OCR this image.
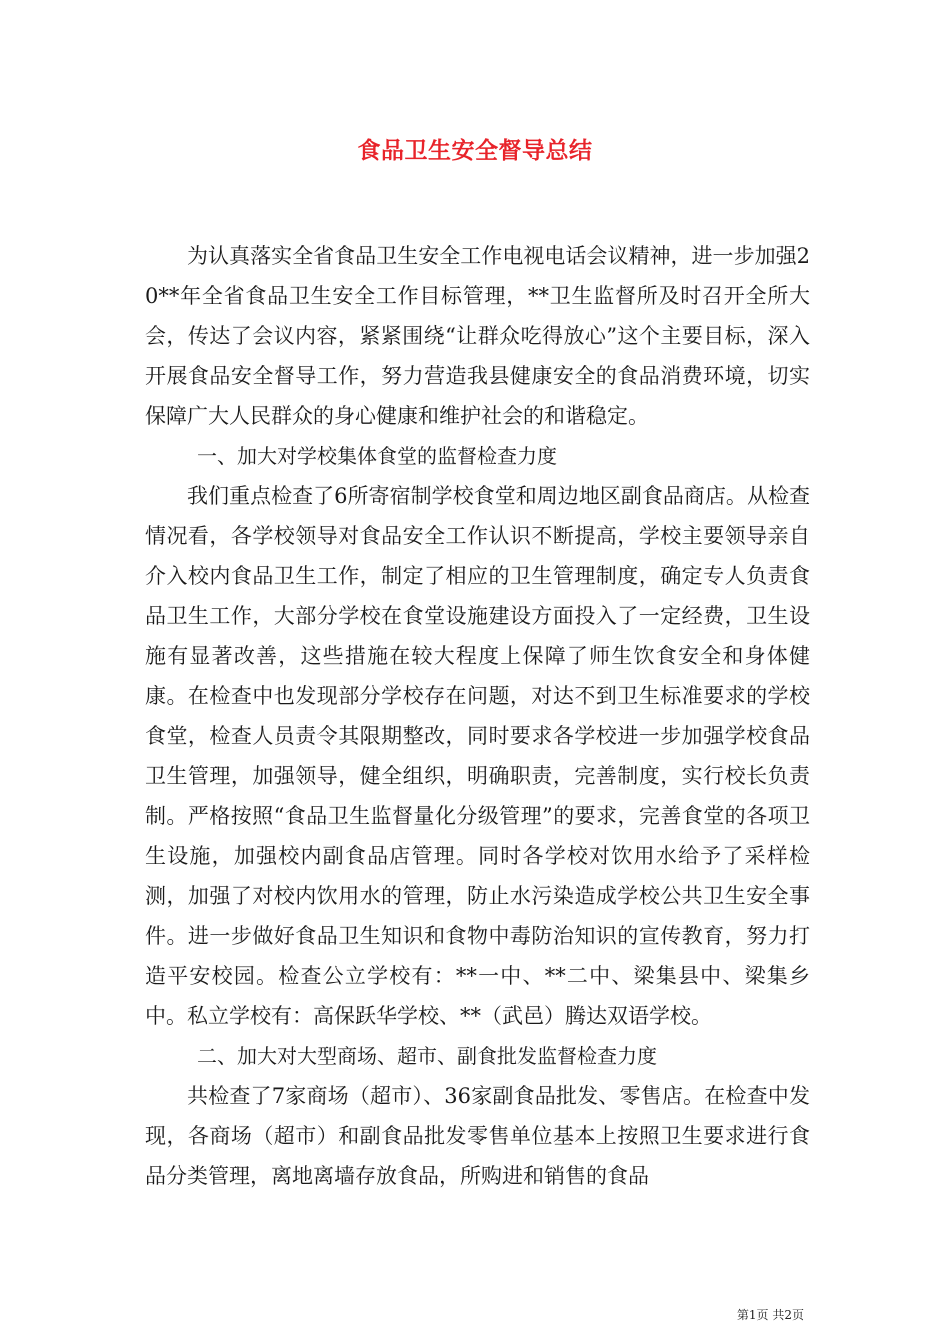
食品卫生安全督导总结

为认真落实全省食品卫生安全工作电视电话会议精神，进一步加强20**年全省食品卫生安全工作目标管理，**卫生监督所及时召开全所大会，传达了会议内容，紧紧围绕“让群众吃得放心”这个主要目标，深入开展食品安全督导工作，努力营造我县健康安全的食品消费环境，切实保障广大人民群众的身心健康和维护社会的和谐稳定。

一、加大对学校集体食堂的监督检查力度

我们重点检查了6所寄宿制学校食堂和周边地区副食品商店。从检查情况看，各学校领导对食品安全工作认识不断提高，学校主要领导亲自介入校内食品卫生工作，制定了相应的卫生管理制度，确定专人负责食品卫生工作，大部分学校在食堂设施建设方面投入了一定经费，卫生设施有显著改善，这些措施在较大程度上保障了师生饮食安全和身体健康。在检查中也发现部分学校存在问题，对达不到卫生标准要求的学校食堂，检查人员责令其限期整改，同时要求各学校进一步加强学校食品卫生管理，加强领导，健全组织，明确职责，完善制度，实行校长负责制。严格按照“食品卫生监督量化分级管理”的要求，完善食堂的各项卫生设施，加强校内副食品店管理。同时各学校对饮用水给予了采样检测，加强了对校内饮用水的管理，防止水污染造成学校公共卫生安全事件。进一步做好食品卫生知识和食物中毒防治知识的宣传教育，努力打造平安校园。检查公立学校有：**一中、**二中、梁集县中、梁集乡中。私立学校有：高保跃华学校、**（武邑）腾达双语学校。

二、加大对大型商场、超市、副食批发监督检查力度

共检查了7家商场（超市）、36家副食品批发、零售店。在检查中发现，各商场（超市）和副食品批发零售单位基本上按照卫生要求进行食品分类管理，离地离墙存放食品，所购进和销售的食品

第1页 共2页
